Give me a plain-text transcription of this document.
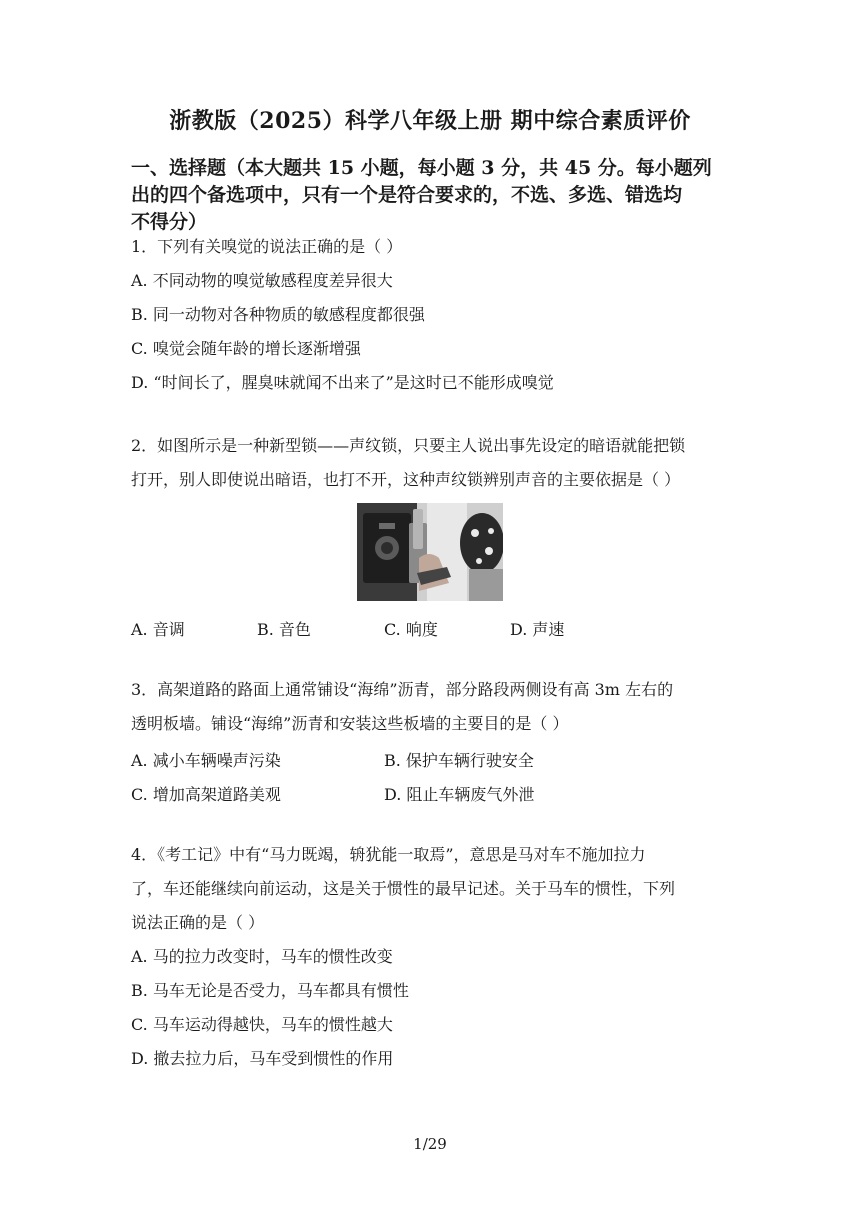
浙教版（2025）科学八年级上册 期中综合素质评价
一、选择题（本大题共 15 小题，每小题 3 分，共 45 分。每小题列
出的四个备选项中，只有一个是符合要求的，不选、多选、错选均
不得分）
1．下列有关嗅觉的说法正确的是（ ）
A. 不同动物的嗅觉敏感程度差异很大
B. 同一动物对各种物质的敏感程度都很强
C. 嗅觉会随年龄的增长逐渐增强
D. “时间长了，腥臭味就闻不出来了”是这时已不能形成嗅觉
2．如图所示是一种新型锁——声纹锁，只要主人说出事先设定的暗语就能把锁
打开，别人即使说出暗语，也打不开，这种声纹锁辨别声音的主要依据是（ ）
A. 音调	B. 音色	C. 响度	D. 声速
3．高架道路的路面上通常铺设“海绵”沥青，部分路段两侧设有高 3m 左右的
透明板墙。铺设“海绵”沥青和安装这些板墙的主要目的是（ ）
A. 减小车辆噪声污染	B. 保护车辆行驶安全
C. 增加高架道路美观	D. 阻止车辆废气外泄
4．《考工记》中有“马力既竭，辀犹能一取焉”，意思是马对车不施加拉力
了，车还能继续向前运动，这是关于惯性的最早记述。关于马车的惯性，下列
说法正确的是（ ）
A. 马的拉力改变时，马车的惯性改变
B. 马车无论是否受力，马车都具有惯性
C. 马车运动得越快，马车的惯性越大
D. 撤去拉力后，马车受到惯性的作用
1/29
